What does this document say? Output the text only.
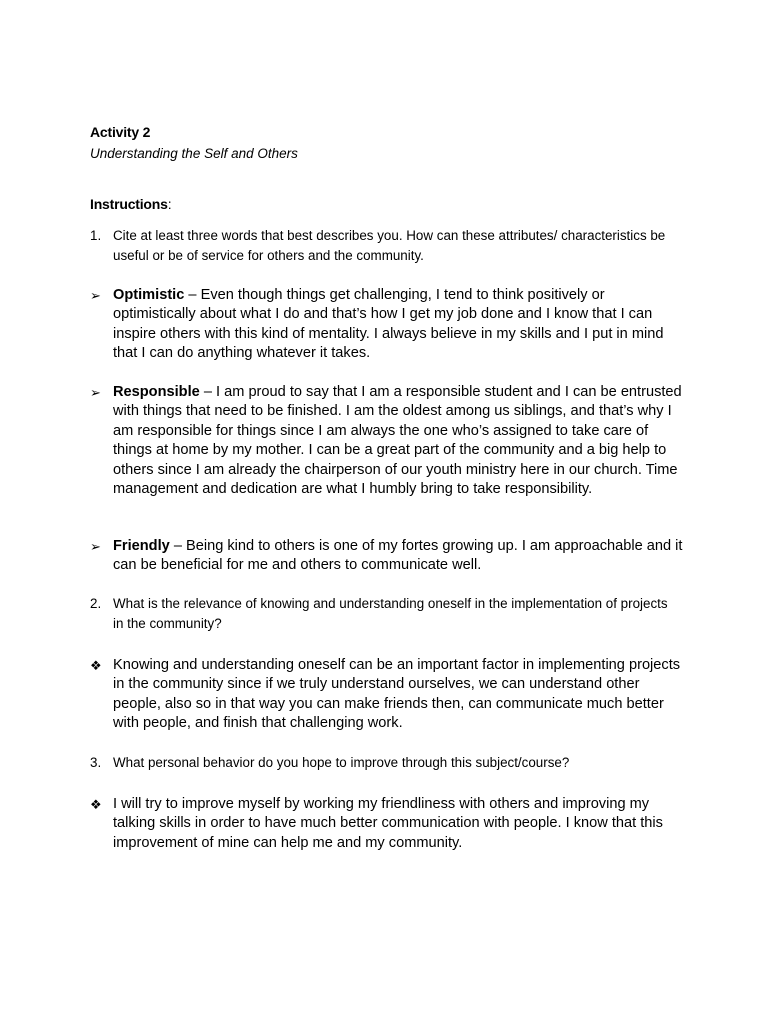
Activity 2
Understanding the Self and Others
Instructions:
1. Cite at least three words that best describes you. How can these attributes/ characteristics be useful or be of service for others and the community.
➢ Optimistic – Even though things get challenging, I tend to think positively or optimistically about what I do and that’s how I get my job done and I know that I can inspire others with this kind of mentality. I always believe in my skills and I put in mind that I can do anything whatever it takes.
➢ Responsible – I am proud to say that I am a responsible student and I can be entrusted with things that need to be finished. I am the oldest among us siblings, and that’s why I am responsible for things since I am always the one who’s assigned to take care of things at home by my mother. I can be a great part of the community and a big help to others since I am already the chairperson of our youth ministry here in our church. Time management and dedication are what I humbly bring to take responsibility.
➢ Friendly – Being kind to others is one of my fortes growing up. I am approachable and it can be beneficial for me and others to communicate well.
2. What is the relevance of knowing and understanding oneself in the implementation of projects in the community?
❖ Knowing and understanding oneself can be an important factor in implementing projects in the community since if we truly understand ourselves, we can understand other people, also so in that way you can make friends then, can communicate much better with people, and finish that challenging work.
3. What personal behavior do you hope to improve through this subject/course?
❖ I will try to improve myself by working my friendliness with others and improving my talking skills in order to have much better communication with people. I know that this improvement of mine can help me and my community.
